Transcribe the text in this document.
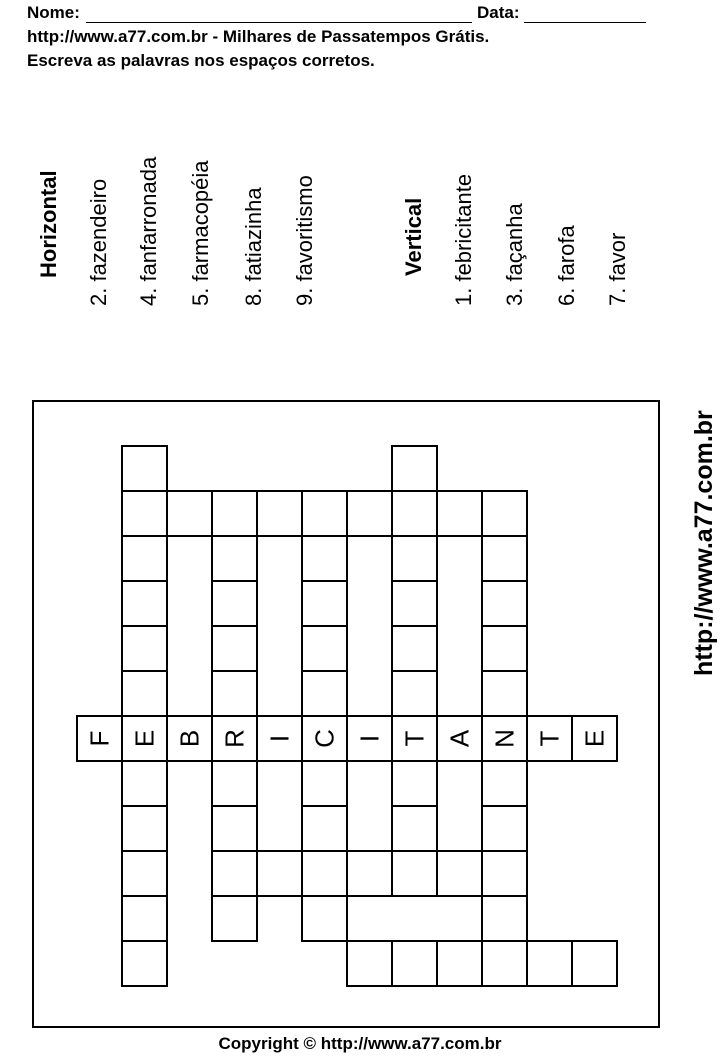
Nome:	Data:
http://www.a77.com.br - Milhares de Passatempos Grátis.
Escreva as palavras nos espaços corretos.
Horizontal 2. fazendeiro 4. fanfarronada 5. farmacopéia 8. fatiazinha 9. favoritismo	Vertical 1. febricitante 3. façanha 6. farofa 7. favor
http://www.a77.com.br
F E B R I C I T A N T E
Copyright © http://www.a77.com.br
